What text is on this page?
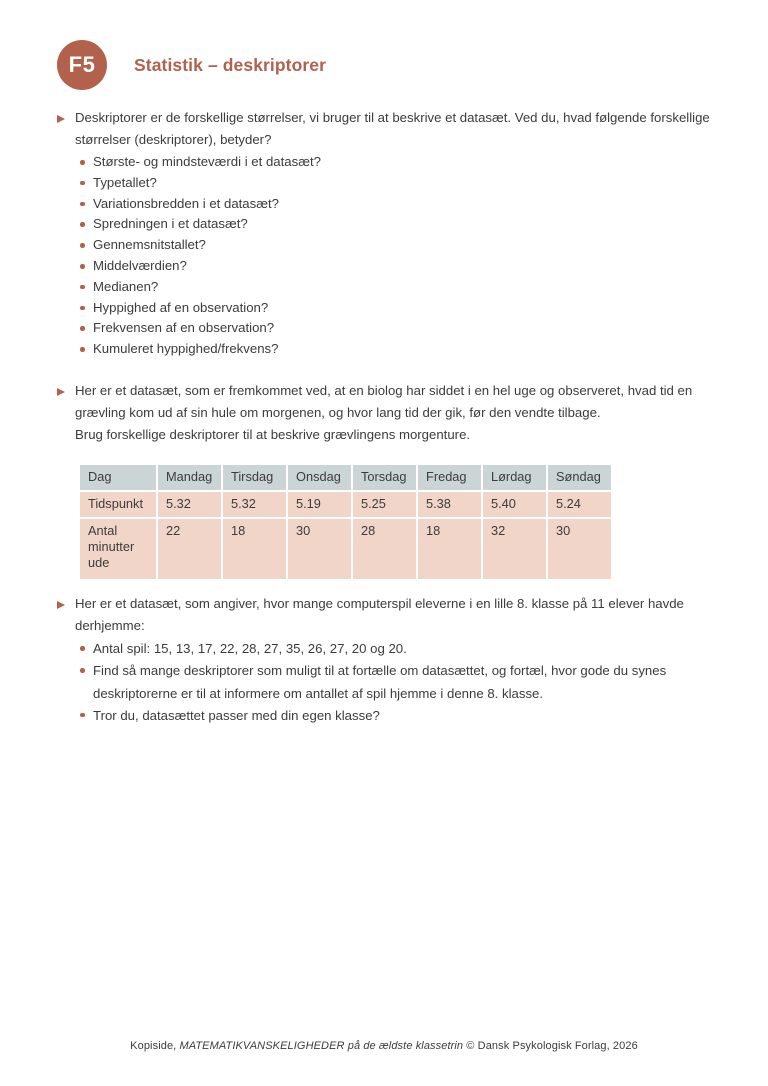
F5	Statistik – deskriptorer
Deskriptorer er de forskellige størrelser, vi bruger til at beskrive et datasæt. Ved du, hvad følgende forskellige størrelser (deskriptorer), betyder?
Største- og mindsteværdi i et datasæt?
Typetallet?
Variationsbredden i et datasæt?
Spredningen i et datasæt?
Gennemsnitstallet?
Middelværdien?
Medianen?
Hyppighed af en observation?
Frekvensen af en observation?
Kumuleret hyppighed/frekvens?
Her er et datasæt, som er fremkommet ved, at en biolog har siddet i en hel uge og observeret, hvad tid en grævling kom ud af sin hule om morgenen, og hvor lang tid der gik, før den vendte tilbage.
Brug forskellige deskriptorer til at beskrive grævlingens morgenture.
Dag	Mandag	Tirsdag	Onsdag	Torsdag	Fredag	Lørdag	Søndag
Tidspunkt	5.32	5.32	5.19	5.25	5.38	5.40	5.24
Antal minutter ude	22	18	30	28	18	32	30
Her er et datasæt, som angiver, hvor mange computerspil eleverne i en lille 8. klasse på 11 elever havde derhjemme:
Antal spil: 15, 13, 17, 22, 28, 27, 35, 26, 27, 20 og 20.
Find så mange deskriptorer som muligt til at fortælle om datasættet, og fortæl, hvor gode du synes deskriptorerne er til at informere om antallet af spil hjemme i denne 8. klasse.
Tror du, datasættet passer med din egen klasse?
Kopiside, MATEMATIKVANSKELIGHEDER på de ældste klassetrin © Dansk Psykologisk Forlag, 2026
